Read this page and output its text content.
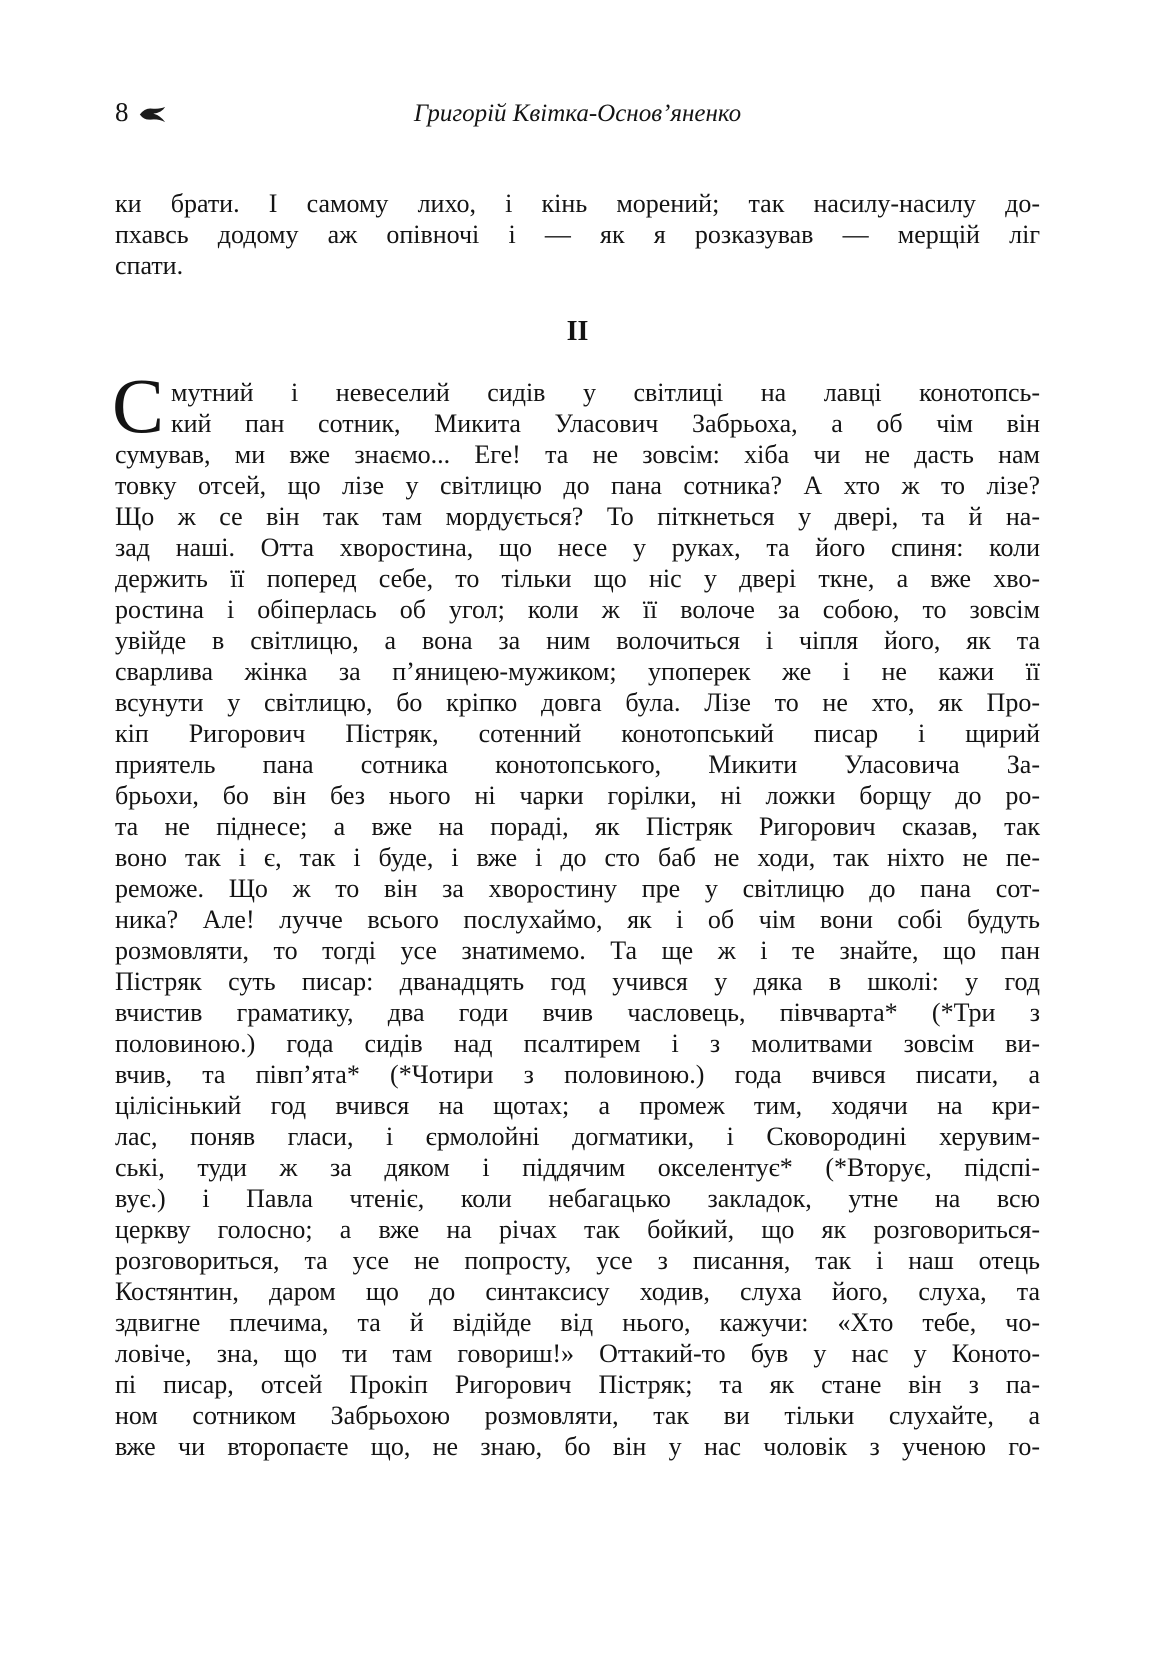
8	Григорій Квітка-Основ’яненко
ки брати. І самому лихо, і кінь морений; так насилу-насилу до-
пхавсь додому аж опівночі і — як я розказував — мерщій ліг
спати.
II
С мутний і невеселий сидів у світлиці на лавці конотопсь-
кий пан сотник, Микита Уласович Забрьоха, а об чім він
сумував, ми вже знаємо... Еге! та не зовсім: хіба чи не дасть нам
товку отсей, що лізе у світлицю до пана сотника? А хто ж то лізе?
Що ж се він так там мордується? То піткнеться у двері, та й на-
зад наші. Отта хворостина, що несе у руках, та його спиня: коли
держить її поперед себе, то тільки що ніс у двері ткне, а вже хво-
ростина і обіперлась об угол; коли ж її волоче за собою, то зовсім
увійде в світлицю, а вона за ним волочиться і чіпля його, як та
сварлива жінка за п’яницею-мужиком; упоперек же і не кажи її
всунути у світлицю, бо кріпко довга була. Лізе то не хто, як Про-
кіп Ригорович Пістряк, сотенний конотопський писар і щирий
приятель пана сотника конотопського, Микити Уласовича За-
брьохи, бо він без нього ні чарки горілки, ні ложки борщу до ро-
та не піднесе; а вже на пораді, як Пістряк Ригорович сказав, так
воно так і є, так і буде, і вже і до сто баб не ходи, так ніхто не пе-
реможе. Що ж то він за хворостину пре у світлицю до пана сот-
ника? Але! лучче всього послухаймо, як і об чім вони собі будуть
розмовляти, то тогді усе знатимемо. Та ще ж і те знайте, що пан
Пістряк суть писар: дванадцять год учився у дяка в школі: у год
вчистив граматику, два годи вчив часловець, півчварта* (*Три з
половиною.) года сидів над псалтирем і з молитвами зовсім ви-
вчив, та півп’ята* (*Чотири з половиною.) года вчився писати, а
цілісінький год вчився на щотах; а промеж тим, ходячи на кри-
лас, поняв гласи, і єрмолойні догматики, і Сковородині херувим-
ські, туди ж за дяком і піддячим окселентує* (*Вторує, підспі-
вує.) і Павла чтеніє, коли небагацько закладок, утне на всю
церкву голосно; а вже на річах так бойкий, що як розговориться-
розговориться, та усе не попросту, усе з писання, так і наш отець
Костянтин, даром що до синтаксису ходив, слуха його, слуха, та
здвигне плечима, та й відійде від нього, кажучи: «Хто тебе, чо-
ловіче, зна, що ти там говориш!» Оттакий-то був у нас у Коното-
пі писар, отсей Прокіп Ригорович Пістряк; та як стане він з па-
ном сотником Забрьохою розмовляти, так ви тільки слухайте, а
вже чи второпаєте що, не знаю, бо він у нас чоловік з ученою го-
